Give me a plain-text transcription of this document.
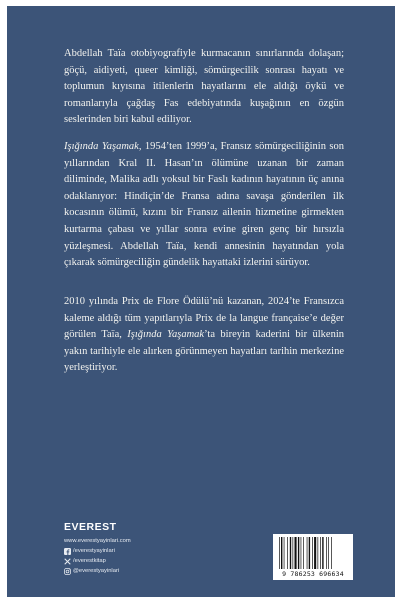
Abdellah Taïa otobiyografiyle kurmacanın sınırlarında dolaşan; göçü, aidiyeti, queer kimliği, sömürgecilik sonrası hayatı ve toplumun kıyısına itilenlerin hayatlarını ele aldığı öykü ve romanlarıyla çağdaş Fas edebiyatında kuşağının en özgün seslerinden biri kabul ediliyor.

Işığında Yaşamak, 1954’ten 1999’a, Fransız sömürgeciliğinin son yıllarından Kral II. Hasan’ın ölümüne uzanan bir zaman diliminde, Malika adlı yoksul bir Faslı kadının hayatının üç anına odaklanıyor: Hindiçin’de Fransa adına savaşa gönderilen ilk kocasının ölümü, kızını bir Fransız ailenin hizmetine girmekten kurtarma çabası ve yıllar sonra evine giren genç bir hırsızla yüzleşmesi. Abdellah Taïa, kendi annesinin hayatından yola çıkarak sömürgeciliğin gündelik hayattaki izlerini sürüyor.

2010 yılında Prix de Flore Ödülü’nü kazanan, 2024’te Fransızca kaleme aldığı tüm yapıtlarıyla Prix de la langue française’e değer görülen Taïa, Işığında Yaşamak’ta bireyin kaderini bir ülkenin yakın tarihiyle ele alırken görünmeyen hayatları tarihin merkezine yerleştiriyor.

EVEREST
www.everestyayinlari.com
/everestyayinlari
/everestkitap
@everestyayinlari	9 786253 696634
